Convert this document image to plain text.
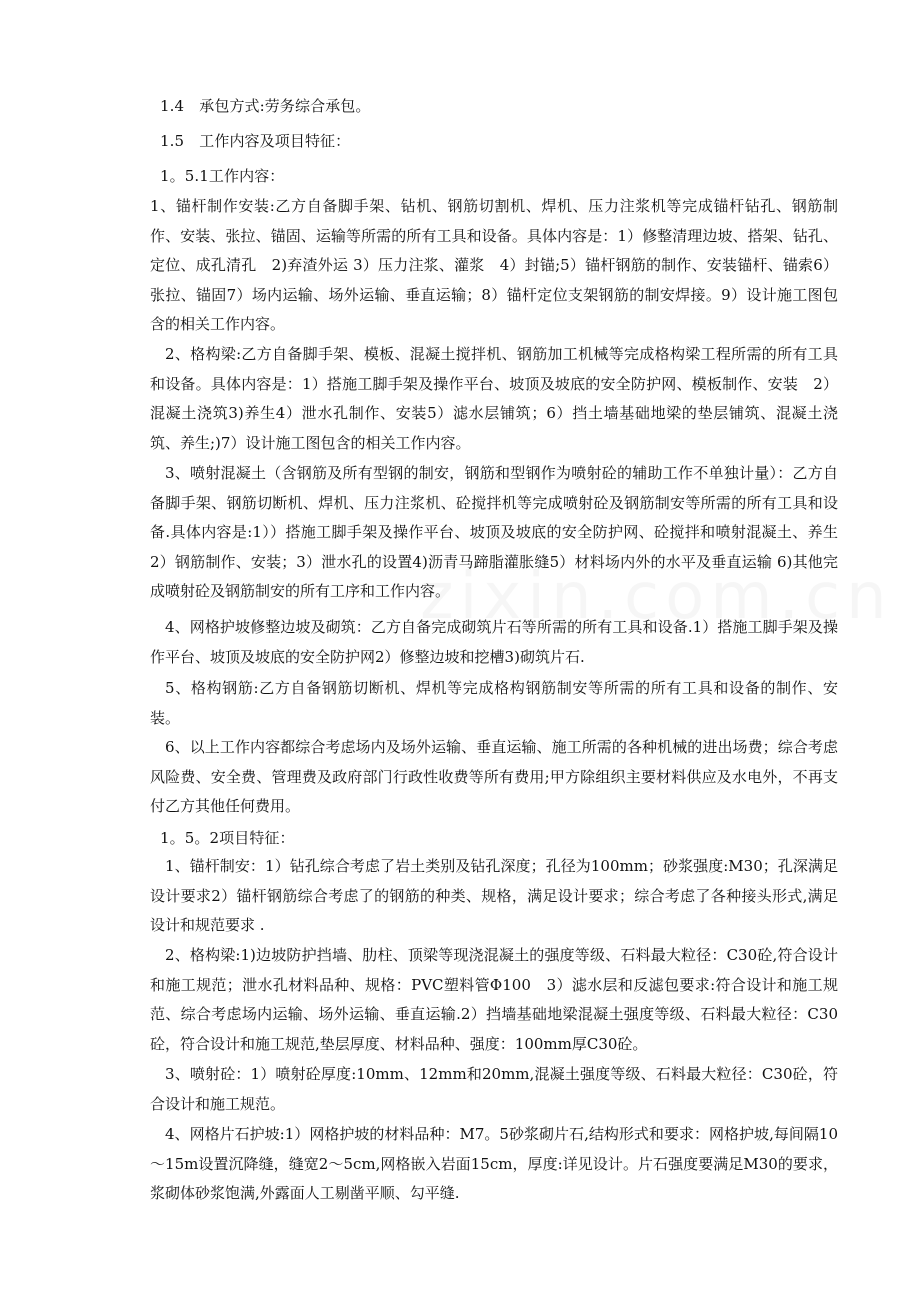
1.4　承包方式:劳务综合承包。
1.5　工作内容及项目特征：
1。5.1工作内容：
1、锚杆制作安装:乙方自备脚手架、钻机、钢筋切割机、焊机、压力注浆机等完成锚杆钻孔、钢筋制作、安装、张拉、锚固、运输等所需的所有工具和设备。具体内容是：1）修整清理边坡、搭架、钻孔、定位、成孔清孔　2)弃渣外运 3）压力注浆、灌浆　4）封锚;5）锚杆钢筋的制作、安装锚杆、锚索6）张拉、锚固7）场内运输、场外运输、垂直运输；8）锚杆定位支架钢筋的制安焊接。9）设计施工图包含的相关工作内容。
2、格构梁:乙方自备脚手架、模板、混凝土搅拌机、钢筋加工机械等完成格构梁工程所需的所有工具和设备。具体内容是：1）搭施工脚手架及操作平台、坡顶及坡底的安全防护网、模板制作、安装　2）混凝土浇筑3)养生4）泄水孔制作、安装5）滤水层铺筑；6）挡土墙基础地梁的垫层铺筑、混凝土浇筑、养生;)7）设计施工图包含的相关工作内容。
3、喷射混凝土（含钢筋及所有型钢的制安，钢筋和型钢作为喷射砼的辅助工作不单独计量）：乙方自备脚手架、钢筋切断机、焊机、压力注浆机、砼搅拌机等完成喷射砼及钢筋制安等所需的所有工具和设备.具体内容是:1））搭施工脚手架及操作平台、坡顶及坡底的安全防护网、砼搅拌和喷射混凝土、养生　2）钢筋制作、安装；3）泄水孔的设置4)沥青马蹄脂灌胀缝5）材料场内外的水平及垂直运输 6)其他完成喷射砼及钢筋制安的所有工序和工作内容。
4、网格护坡修整边坡及砌筑：乙方自备完成砌筑片石等所需的所有工具和设备.1）搭施工脚手架及操作平台、坡顶及坡底的安全防护网2）修整边坡和挖槽3)砌筑片石.
5、格构钢筋:乙方自备钢筋切断机、焊机等完成格构钢筋制安等所需的所有工具和设备的制作、安装。
6、以上工作内容都综合考虑场内及场外运输、垂直运输、施工所需的各种机械的进出场费；综合考虑风险费、安全费、管理费及政府部门行政性收费等所有费用;甲方除组织主要材料供应及水电外，不再支付乙方其他任何费用。
1。5。2项目特征：
1、锚杆制安：1）钻孔综合考虑了岩土类别及钻孔深度；孔径为100mm；砂浆强度:M30；孔深满足设计要求2）锚杆钢筋综合考虑了的钢筋的种类、规格，满足设计要求；综合考虑了各种接头形式,满足设计和规范要求 .
2、格构梁:1)边坡防护挡墙、肋柱、顶梁等现浇混凝土的强度等级、石料最大粒径：C30砼,符合设计和施工规范；泄水孔材料品种、规格：PVC塑料管Φ100　3）滤水层和反滤包要求:符合设计和施工规范、综合考虑场内运输、场外运输、垂直运输.2）挡墙基础地梁混凝土强度等级、石料最大粒径：C30砼，符合设计和施工规范,垫层厚度、材料品种、强度：100mm厚C30砼。
3、喷射砼：1）喷射砼厚度:10mm、12mm和20mm,混凝土强度等级、石料最大粒径：C30砼，符合设计和施工规范。
4、网格片石护坡:1）网格护坡的材料品种：M7。5砂浆砌片石,结构形式和要求：网格护坡,每间隔10～15m设置沉降缝，缝宽2～5cm,网格嵌入岩面15cm，厚度:详见设计。片石强度要满足M30的要求，浆砌体砂浆饱满,外露面人工剔凿平顺、勾平缝.
